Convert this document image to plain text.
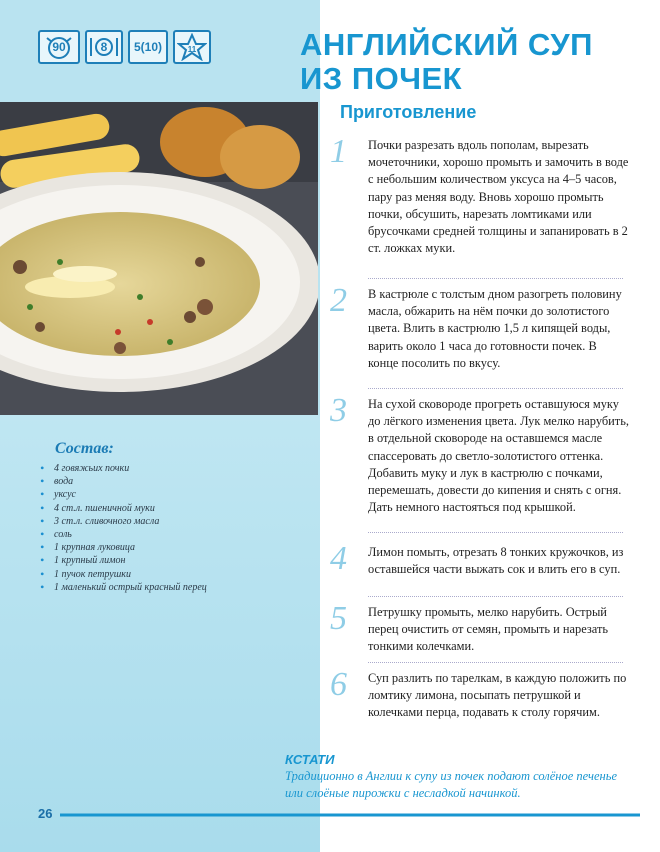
90	8	5(10)	11	АНГЛИЙСКИЙ СУП
ИЗ ПОЧЕК
Приготовление
1 Почки разрезать вдоль пополам, вырезать мочеточники, хорошо промыть и замочить в воде с небольшим количеством уксуса на 4–5 часов, пару раз меняя воду. Вновь хорошо промыть почки, обсушить, нарезать ломтиками или брусочками средней толщины и запанировать в 2 ст. ложках муки.
2 В кастрюле с толстым дном разогреть половину масла, обжарить на нём почки до золотистого цвета. Влить в кастрюлю 1,5 л кипящей воды, варить около 1 часа до готовности почек. В конце посолить по вкусу.
3 На сухой сковороде прогреть оставшуюся муку до лёгкого изменения цвета. Лук мелко нарубить, в отдельной сковороде на оставшемся масле спассеровать до светло-золотистого оттенка. Добавить муку и лук в кастрюлю с почками, перемешать, довести до кипения и снять с огня. Дать немного настояться под крышкой.
4 Лимон помыть, отрезать 8 тонких кружочков, из оставшейся части выжать сок и влить его в суп.
5 Петрушку промыть, мелко нарубить. Острый перец очистить от семян, промыть и нарезать тонкими колечками.
6 Суп разлить по тарелкам, в каждую положить по ломтику лимона, посыпать петрушкой и колечками перца, подавать к столу горячим.
Состав:
• 4 говяжьих почки
• вода
• уксус
• 4 ст.л. пшеничной муки
• 3 ст.л. сливочного масла
• соль
• 1 крупная луковица
• 1 крупный лимон
• 1 пучок петрушки
• 1 маленький острый красный перец
КСТАТИ
Традиционно в Англии к супу из почек подают солёное печенье или слоёные пирожки с несладкой начинкой.
26
